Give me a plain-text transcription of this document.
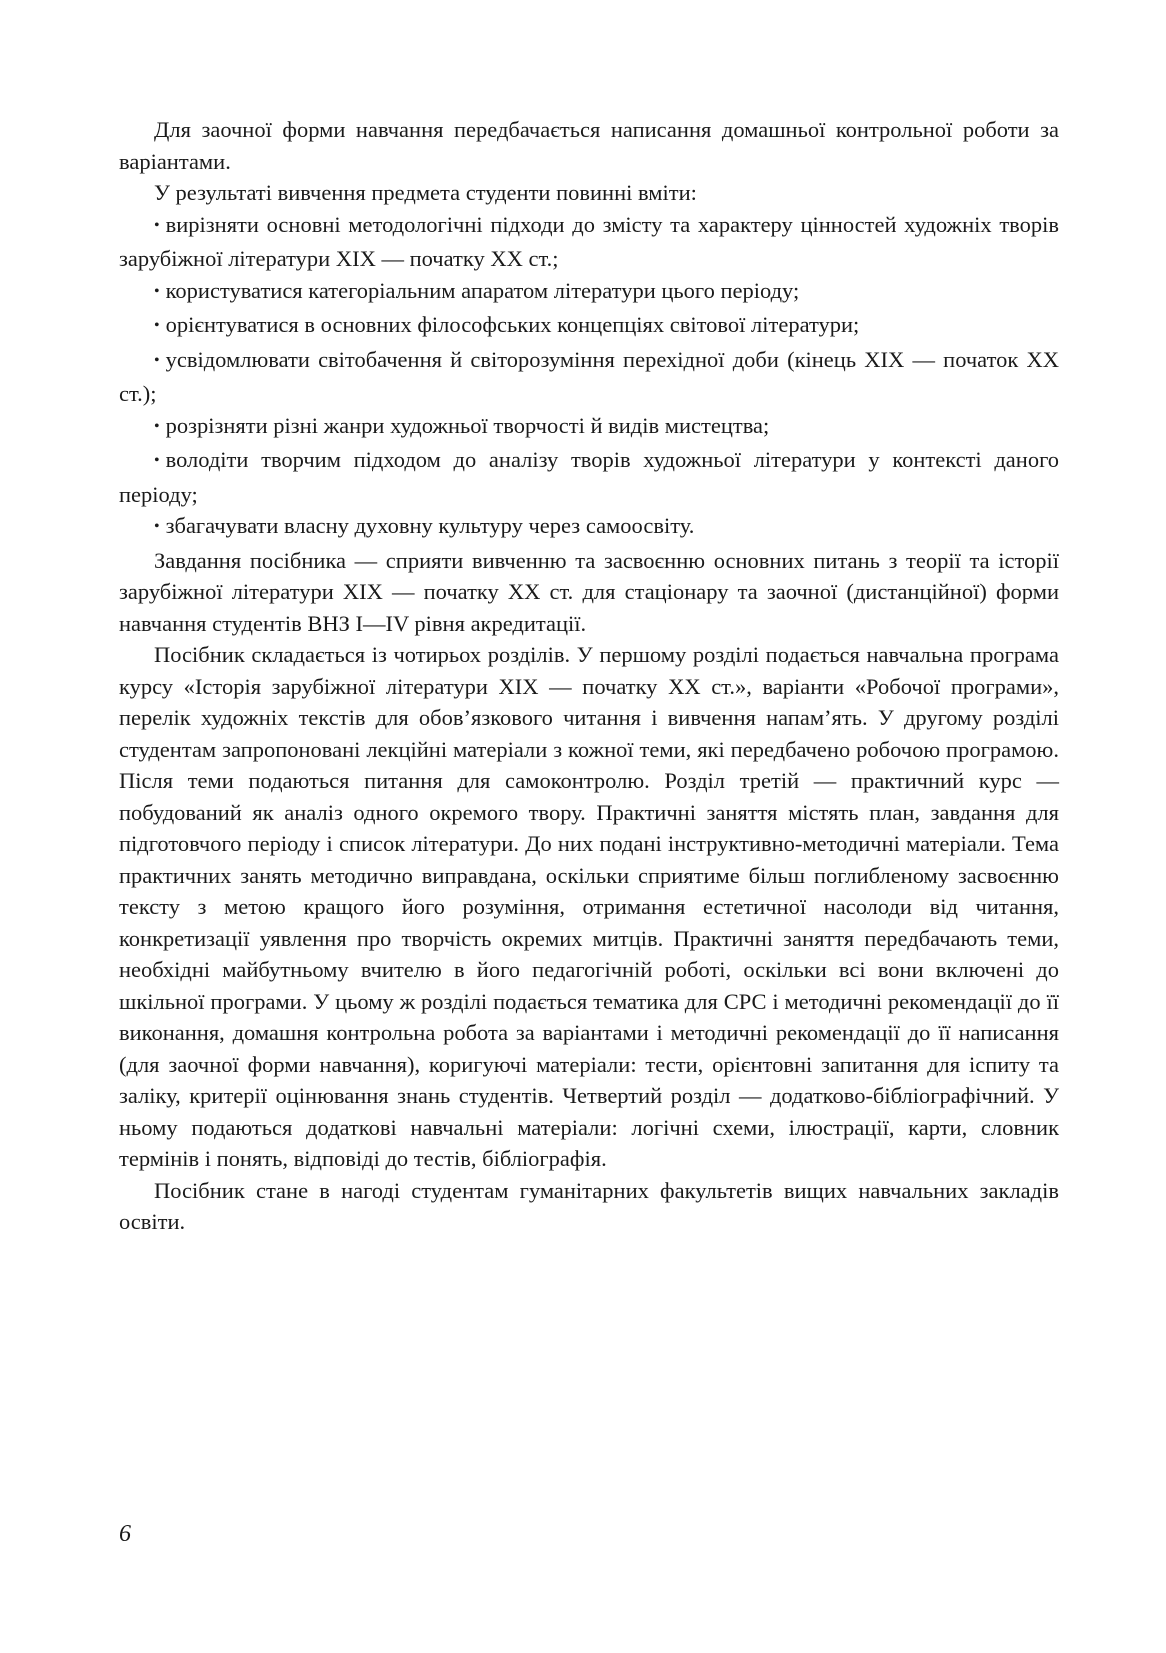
Для заочної форми навчання передбачається написання домашньої контрольної роботи за варіантами.

У результаті вивчення предмета студенти повинні вміти:

• вирізняти основні методологічні підходи до змісту та характеру цінностей художніх творів зарубіжної літератури XIX — початку XX ст.;
• користуватися категоріальним апаратом літератури цього періоду;
• орієнтуватися в основних філософських концепціях світової літератури;
• усвідомлювати світобачення й світорозуміння перехідної доби (кінець XIX — початок XX ст.);
• розрізняти різні жанри художньої творчості й видів мистецтва;
• володіти творчим підходом до аналізу творів художньої літератури у контексті даного періоду;
• збагачувати власну духовну культуру через самоосвіту.

Завдання посібника — сприяти вивченню та засвоєнню основних питань з теорії та історії зарубіжної літератури XIX — початку XX ст. для стаціонару та заочної (дистанційної) форми навчання студентів ВНЗ I—IV рівня акредитації.

Посібник складається із чотирьох розділів. У першому розділі подається навчальна програма курсу «Історія зарубіжної літератури XIX — початку XX ст.», варіанти «Робочої програми», перелік художніх текстів для обов’язкового читання і вивчення напам’ять. У другому розділі студентам запропоновані лекційні матеріали з кожної теми, які передбачено робочою програмою. Після теми подаються питання для самоконтролю. Розділ третій — практичний курс — побудований як аналіз одного окремого твору. Практичні заняття містять план, завдання для підготовчого періоду і список літератури. До них подані інструктивно-методичні матеріали. Тема практичних занять методично виправдана, оскільки сприятиме більш поглибленому засвоєнню тексту з метою кращого його розуміння, отримання естетичної насолоди від читання, конкретизації уявлення про творчість окремих митців. Практичні заняття передбачають теми, необхідні майбутньому вчителю в його педагогічній роботі, оскільки всі вони включені до шкільної програми. У цьому ж розділі подається тематика для СРС і методичні рекомендації до її виконання, домашня контрольна робота за варіантами і методичні рекомендації до її написання (для заочної форми навчання), коригуючі матеріали: тести, орієнтовні запитання для іспиту та заліку, критерії оцінювання знань студентів. Четвертий розділ — додатково-бібліографічний. У ньому подаються додаткові навчальні матеріали: логічні схеми, ілюстрації, карти, словник термінів і понять, відповіді до тестів, бібліографія.

Посібник стане в нагоді студентам гуманітарних факультетів вищих навчальних закладів освіти.

6
